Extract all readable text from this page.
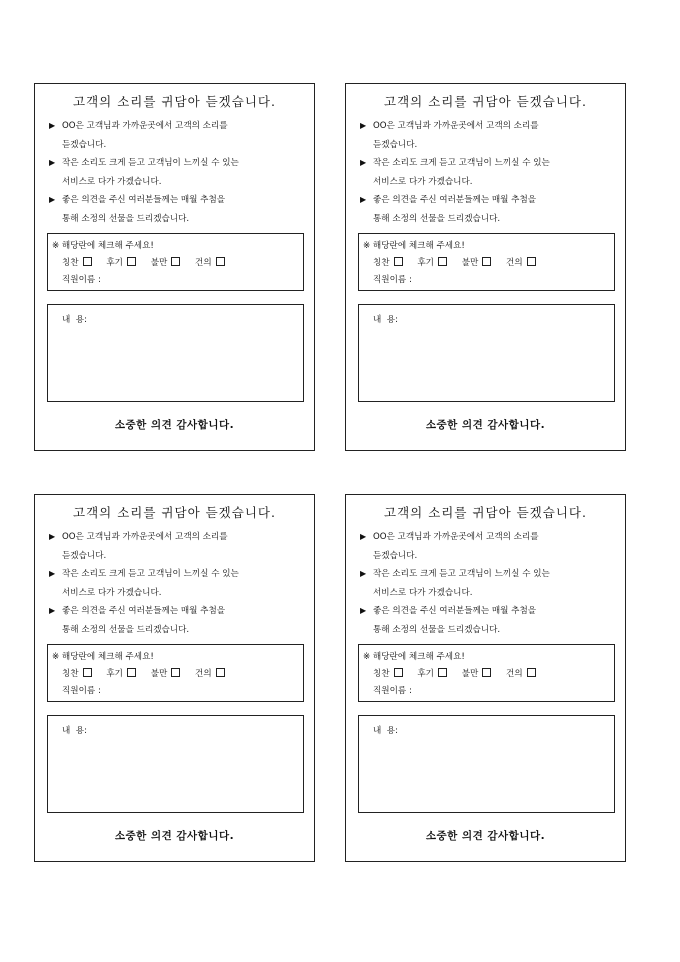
고객의 소리를 귀담아 듣겠습니다.
▶ OO은 고객님과 가까운곳에서 고객의 소리를
듣겠습니다.
▶ 작은 소리도 크게 듣고 고객님이 느끼실 수 있는
서비스로 다가 가겠습니다.
▶ 좋은 의견을 주신 여러분들께는 매월 추첨을
통해 소정의 선물을 드리겠습니다.
※ 해당란에 체크해 주세요!
칭찬	후기	불만	건의
직원이름 :
내  용:
소중한 의견 감사합니다.
고객의 소리를 귀담아 듣겠습니다.
▶ OO은 고객님과 가까운곳에서 고객의 소리를
듣겠습니다.
▶ 작은 소리도 크게 듣고 고객님이 느끼실 수 있는
서비스로 다가 가겠습니다.
▶ 좋은 의견을 주신 여러분들께는 매월 추첨을
통해 소정의 선물을 드리겠습니다.
※ 해당란에 체크해 주세요!
칭찬	후기	불만	건의
직원이름 :
내  용:
소중한 의견 감사합니다.
고객의 소리를 귀담아 듣겠습니다.
▶ OO은 고객님과 가까운곳에서 고객의 소리를
듣겠습니다.
▶ 작은 소리도 크게 듣고 고객님이 느끼실 수 있는
서비스로 다가 가겠습니다.
▶ 좋은 의견을 주신 여러분들께는 매월 추첨을
통해 소정의 선물을 드리겠습니다.
※ 해당란에 체크해 주세요!
칭찬	후기	불만	건의
직원이름 :
내  용:
소중한 의견 감사합니다.
고객의 소리를 귀담아 듣겠습니다.
▶ OO은 고객님과 가까운곳에서 고객의 소리를
듣겠습니다.
▶ 작은 소리도 크게 듣고 고객님이 느끼실 수 있는
서비스로 다가 가겠습니다.
▶ 좋은 의견을 주신 여러분들께는 매월 추첨을
통해 소정의 선물을 드리겠습니다.
※ 해당란에 체크해 주세요!
칭찬	후기	불만	건의
직원이름 :
내  용:
소중한 의견 감사합니다.
